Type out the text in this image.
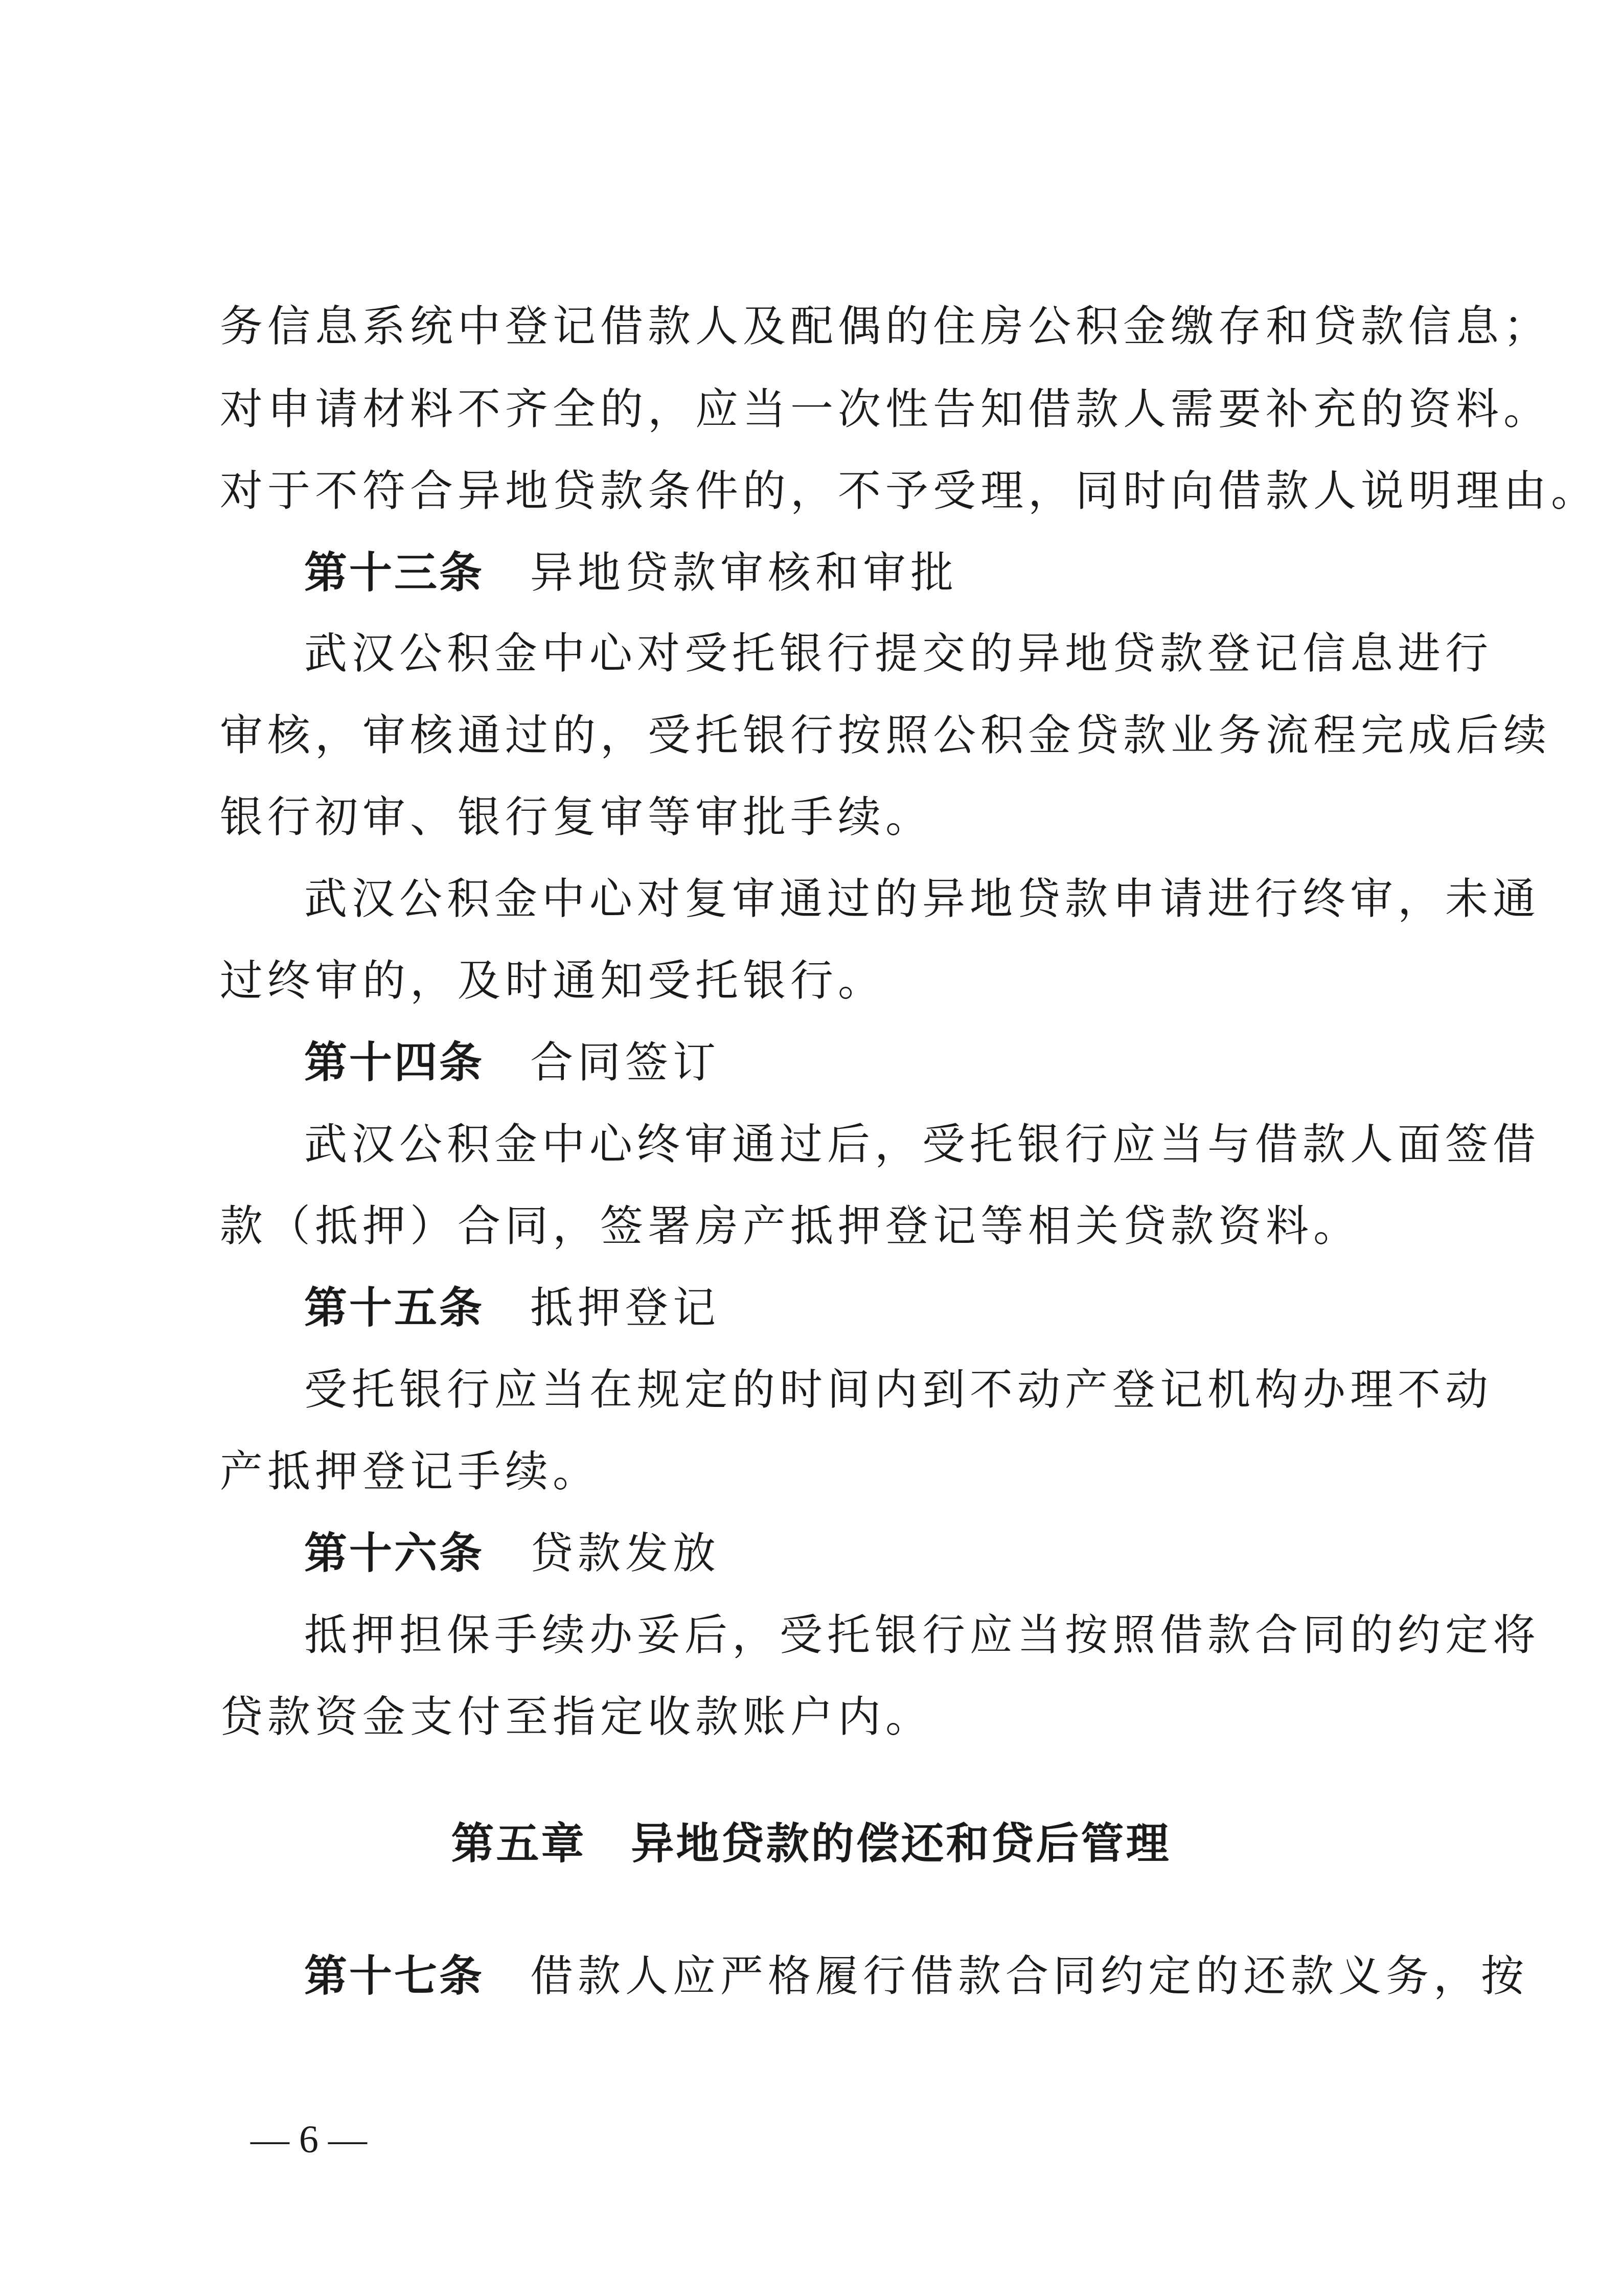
务信息系统中登记借款人及配偶的住房公积金缴存和贷款信息；
对申请材料不齐全的，应当一次性告知借款人需要补充的资料。
对于不符合异地贷款条件的，不予受理，同时向借款人说明理由。
第十三条 异地贷款审核和审批
武汉公积金中心对受托银行提交的异地贷款登记信息进行
审核，审核通过的，受托银行按照公积金贷款业务流程完成后续
银行初审、银行复审等审批手续。
武汉公积金中心对复审通过的异地贷款申请进行终审，未通
过终审的，及时通知受托银行。
第十四条 合同签订
武汉公积金中心终审通过后，受托银行应当与借款人面签借
款（抵押）合同，签署房产抵押登记等相关贷款资料。
第十五条 抵押登记
受托银行应当在规定的时间内到不动产登记机构办理不动
产抵押登记手续。
第十六条 贷款发放
抵押担保手续办妥后，受托银行应当按照借款合同的约定将
贷款资金支付至指定收款账户内。
第五章　异地贷款的偿还和贷后管理
第十七条 借款人应严格履行借款合同约定的还款义务，按
— 6 —
